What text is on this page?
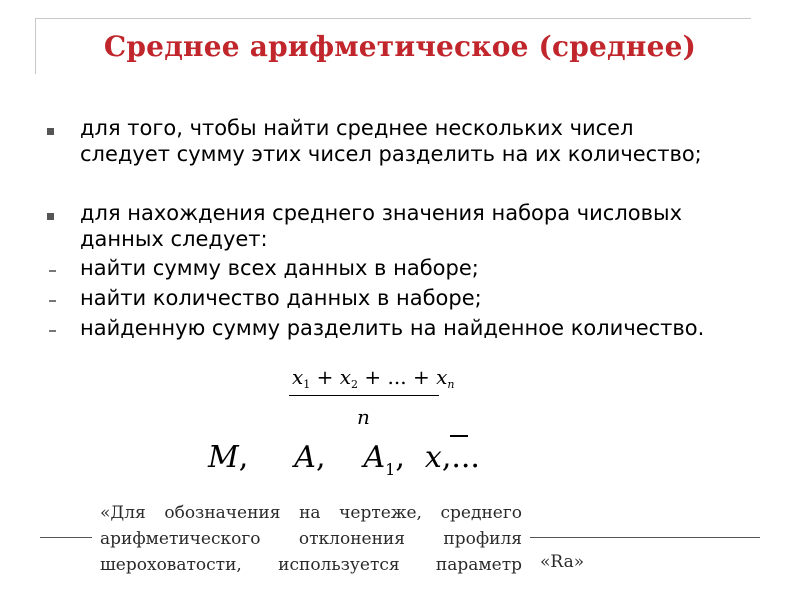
Среднее арифметическое (среднее)
для того, чтобы найти среднее нескольких чисел
следует сумму этих чисел разделить на их количество;
для нахождения среднего значения набора числовых
данных следует:
найти сумму всех данных в наборе;
найти количество данных в наборе;
найденную сумму разделить на найденное количество.
$x_1 + x_2$ + ... + $x_n$
n
M, A, $A_1$, x,...
«Для обозначения на чертеже, среднего
арифметического отклонения профиля
шероховатости, используется параметр «Ra»
